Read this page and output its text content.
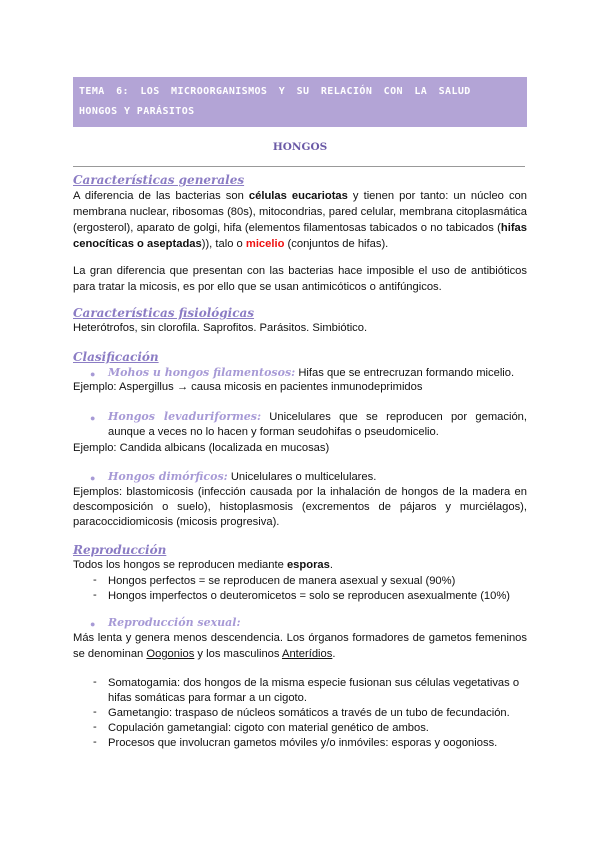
TEMA 6: LOS MICROORGANISMOS Y SU RELACIÓN CON LA SALUD
HONGOS Y PARÁSITOS
HONGOS
Características generales
A diferencia de las bacterias son células eucariotas y tienen por tanto: un núcleo con
membrana nuclear, ribosomas (80s), mitocondrias, pared celular, membrana citoplasmática
(ergosterol), aparato de golgi, hifa (elementos filamentosas tabicados o no tabicados (hifas
cenocíticas o aseptadas)), talo o micelio (conjuntos de hifas).
La gran diferencia que presentan con las bacterias hace imposible el uso de antibióticos
para tratar la micosis, es por ello que se usan antimicóticos o antifúngicos.
Características fisiológicas
Heterótrofos, sin clorofila. Saprofitos. Parásitos. Simbiótico.
Clasificación
● Mohos u hongos filamentosos: Hifas que se entrecruzan formando micelio.
Ejemplo: Aspergillus → causa micosis en pacientes inmunodeprimidos
● Hongos levaduriformes: Unicelulares que se reproducen por gemación,
aunque a veces no lo hacen y forman seudohifas o pseudomicelio.
Ejemplo: Candida albicans (localizada en mucosas)
● Hongos dimórficos: Unicelulares o multicelulares.
Ejemplos: blastomicosis (infección causada por la inhalación de hongos de la madera en
descomposición o suelo), histoplasmosis (excrementos de pájaros y murciélagos),
paracoccidiomicosis (micosis progresiva).
Reproducción
Todos los hongos se reproducen mediante esporas.
- Hongos perfectos = se reproducen de manera asexual y sexual (90%)
- Hongos imperfectos o deuteromicetos = solo se reproducen asexualmente (10%)
● Reproducción sexual:
Más lenta y genera menos descendencia. Los órganos formadores de gametos femeninos
se denominan Oogonios y los masculinos Anterídios.
- Somatogamia: dos hongos de la misma especie fusionan sus células vegetativas o
hifas somáticas para formar a un cigoto.
- Gametangio: traspaso de núcleos somáticos a través de un tubo de fecundación.
- Copulación gametangial: cigoto con material genético de ambos.
- Procesos que involucran gametos móviles y/o inmóviles: esporas y oogonioss.
